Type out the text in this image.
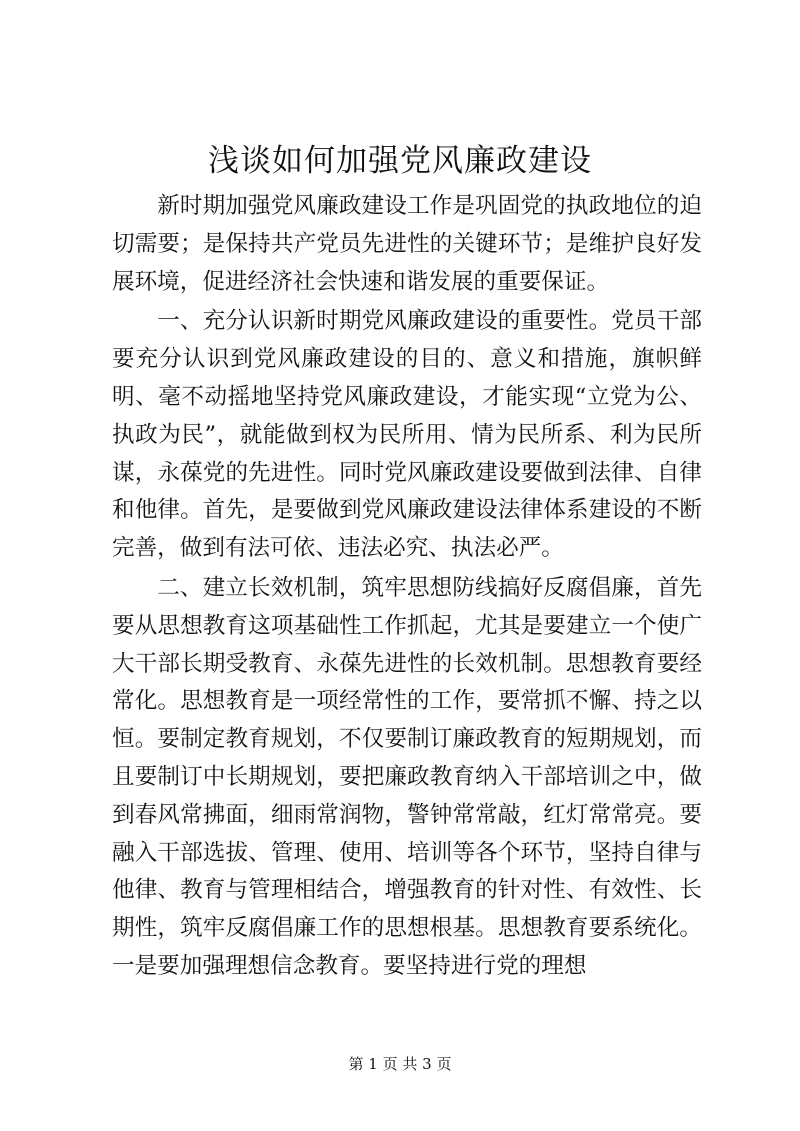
浅谈如何加强党风廉政建设

新时期加强党风廉政建设工作是巩固党的执政地位的迫切需要；是保持共产党员先进性的关键环节；是维护良好发展环境，促进经济社会快速和谐发展的重要保证。

一、充分认识新时期党风廉政建设的重要性。党员干部要充分认识到党风廉政建设的目的、意义和措施，旗帜鲜明、毫不动摇地坚持党风廉政建设，才能实现“立党为公、执政为民”，就能做到权为民所用、情为民所系、利为民所谋，永葆党的先进性。同时党风廉政建设要做到法律、自律和他律。首先，是要做到党风廉政建设法律体系建设的不断完善，做到有法可依、违法必究、执法必严。

二、建立长效机制，筑牢思想防线搞好反腐倡廉，首先要从思想教育这项基础性工作抓起，尤其是要建立一个使广大干部长期受教育、永葆先进性的长效机制。思想教育要经常化。思想教育是一项经常性的工作，要常抓不懈、持之以恒。要制定教育规划，不仅要制订廉政教育的短期规划，而且要制订中长期规划，要把廉政教育纳入干部培训之中，做到春风常拂面，细雨常润物，警钟常常敲，红灯常常亮。要融入干部选拔、管理、使用、培训等各个环节，坚持自律与他律、教育与管理相结合，增强教育的针对性、有效性、长期性，筑牢反腐倡廉工作的思想根基。思想教育要系统化。一是要加强理想信念教育。要坚持进行党的理想

第 1 页 共 3 页
